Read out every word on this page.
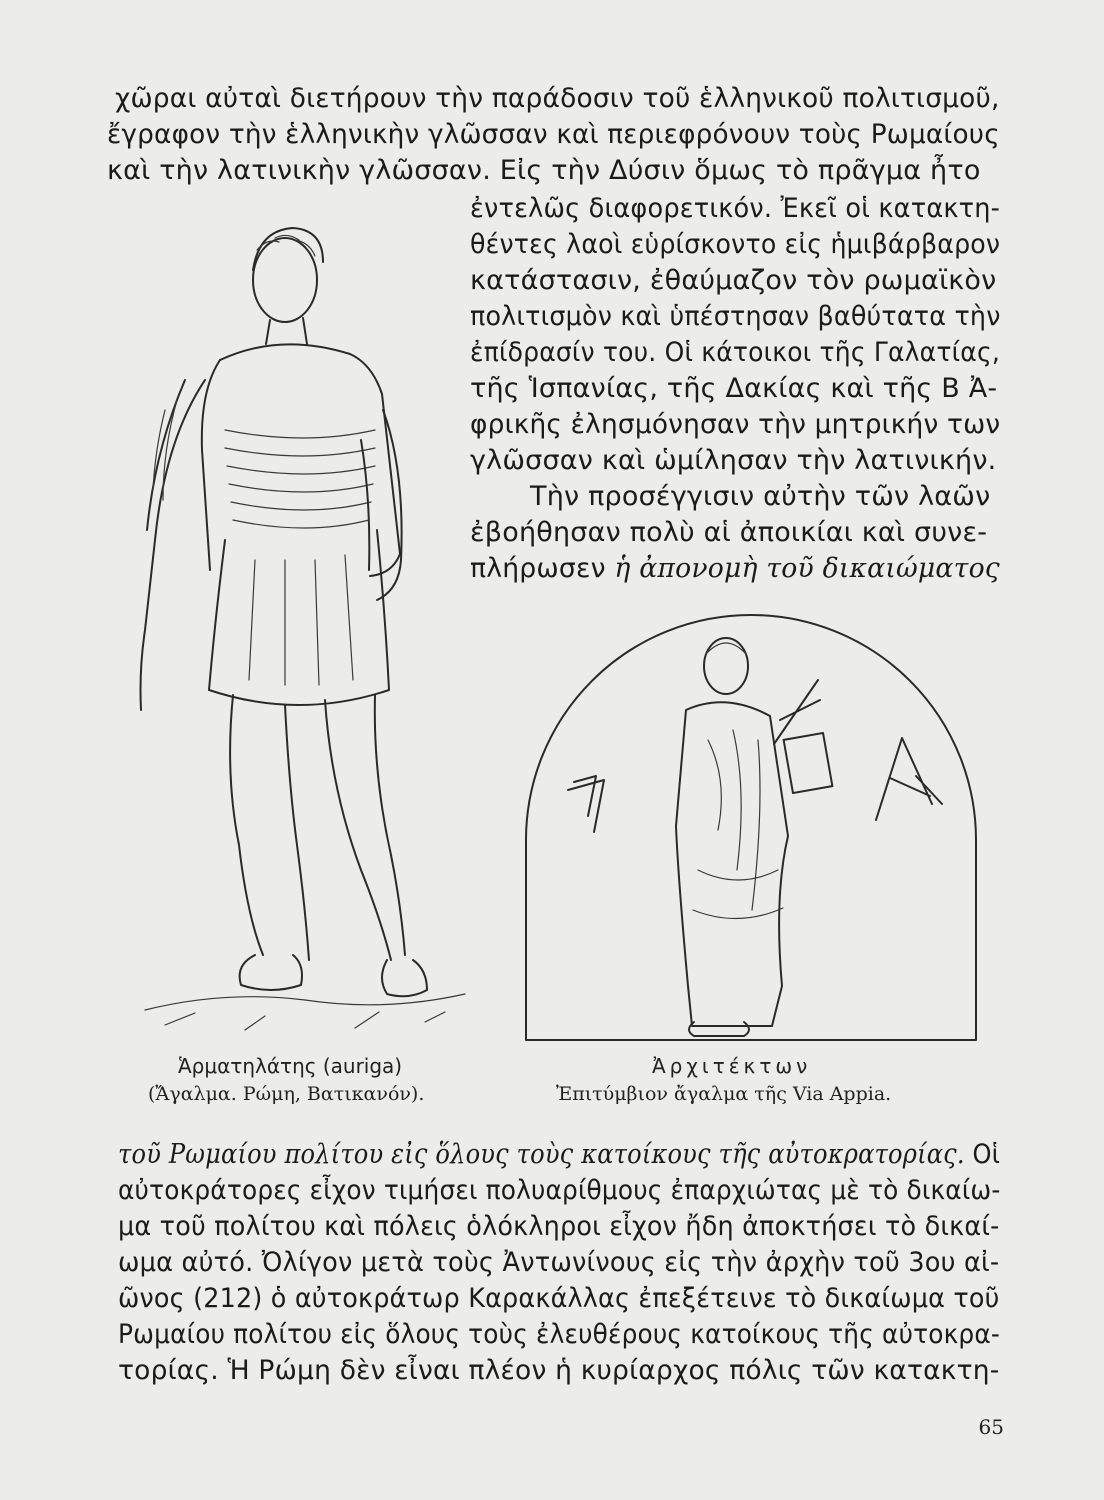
χῶραι αὐταὶ διετήρουν τὴν παράδοσιν τοῦ ἑλληνικοῦ πολιτισμοῦ,
ἔγραφον τὴν ἑλληνικὴν γλῶσσαν καὶ περιεφρόνουν τοὺς Ρωμαίους
καὶ τὴν λατινικὴν γλῶσσαν. Εἰς τὴν Δύσιν ὅμως τὸ πρᾶγμα ἦτο
ἐντελῶς διαφορετικόν. Ἐκεῖ οἱ κατακτη-
θέντες λαοὶ εὑρίσκοντο εἰς ἡμιβάρβαρον
κατάστασιν, ἐθαύμαζον τὸν ρωμαϊκὸν
πολιτισμὸν καὶ ὑπέστησαν βαθύτατα τὴν
ἐπίδρασίν του. Οἱ κάτοικοι τῆς Γαλατίας,
τῆς Ἱσπανίας, τῆς Δακίας καὶ τῆς Β Ἀ-
φρικῆς ἐλησμόνησαν τὴν μητρικήν των
γλῶσσαν καὶ ὡμίλησαν τὴν λατινικήν.
Τὴν προσέγγισιν αὐτὴν τῶν λαῶν
ἐβοήθησαν πολὺ αἱ ἀποικίαι καὶ συνε-
πλήρωσεν ἡ ἀπονομὴ τοῦ δικαιώματος
Ἁρματηλάτης (auriga)
(Ἄγαλμα. Ρώμη, Βατικανόν).
Ἀρχιτέκτων
Ἐπιτύμβιον ἄγαλμα τῆς Via Appia.
τοῦ Ρωμαίου πολίτου εἰς ὅλους τοὺς κατοίκους τῆς αὐτοκρατορίας. Οἱ
αὐτοκράτορες εἶχον τιμήσει πολυαρίθμους ἐπαρχιώτας μὲ τὸ δικαίω-
μα τοῦ πολίτου καὶ πόλεις ὁλόκληροι εἶχον ἤδη ἀποκτήσει τὸ δικαί-
ωμα αὐτό. Ὀλίγον μετὰ τοὺς Ἀντωνίνους εἰς τὴν ἀρχὴν τοῦ 3ου αἰ-
ῶνος (212) ὁ αὐτοκράτωρ Καρακάλλας ἐπεξέτεινε τὸ δικαίωμα τοῦ
Ρωμαίου πολίτου εἰς ὅλους τοὺς ἐλευθέρους κατοίκους τῆς αὐτοκρα-
τορίας. Ἡ Ρώμη δὲν εἶναι πλέον ἡ κυρίαρχος πόλις τῶν κατακτη-
65
